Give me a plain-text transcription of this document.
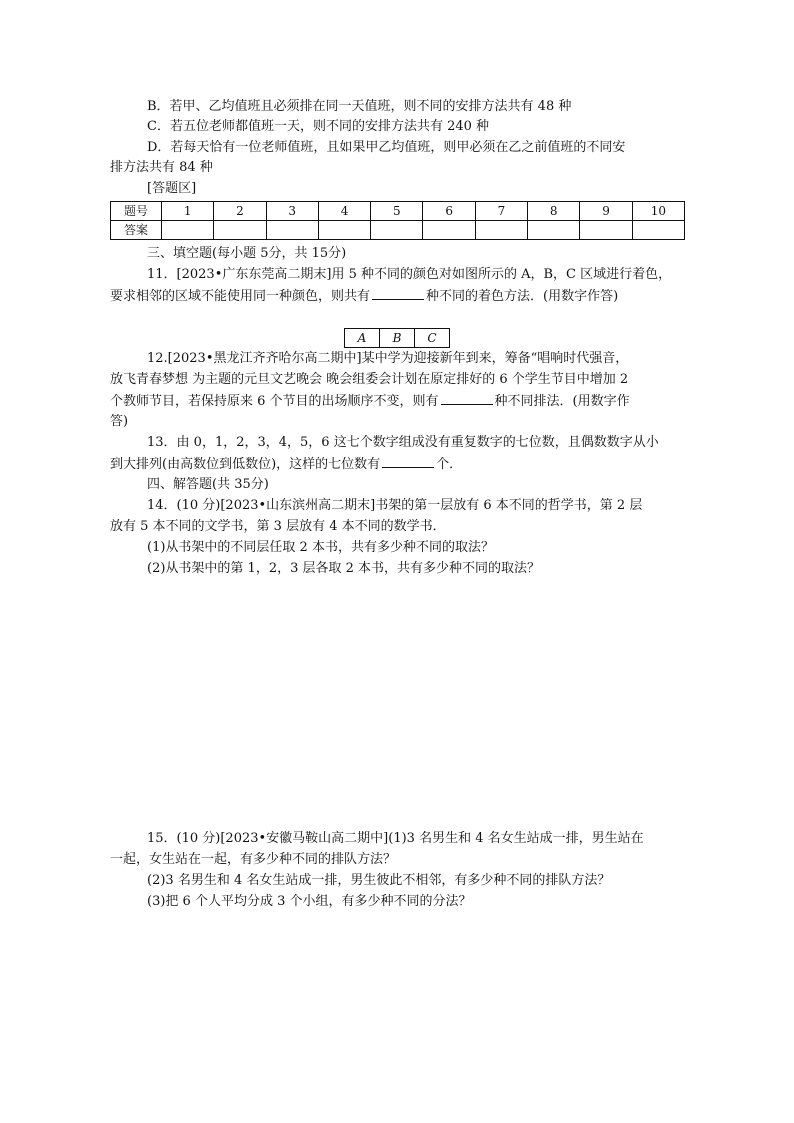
B．若甲、乙均值班且必须排在同一天值班，则不同的安排方法共有 48 种
C．若五位老师都值班一天，则不同的安排方法共有 240 种
D．若每天恰有一位老师值班，且如果甲乙均值班，则甲必须在乙之前值班的不同安
排方法共有 84 种
[答题区]
题号	1	2	3	4	5	6	7	8	9	10
答案										
三、填空题(每小题 5分，共 15分)
11．[2023•广东东莞高二期末]用 5 种不同的颜色对如图所示的 A，B，C 区域进行着色，
要求相邻的区域不能使用同一种颜色，则共有	种不同的着色方法．(用数字作答)
A	B	C
12.[2023•黑龙江齐齐哈尔高二期中]某中学为迎接新年到来，筹备“唱响时代强音，
放飞青春梦想 为主题的元旦文艺晚会 晚会组委会计划在原定排好的 6 个学生节目中增加 2
个教师节目，若保持原来 6 个节目的出场顺序不变，则有	种不同排法．(用数字作
答)
13．由 0，1，2，3，4，5，6 这七个数字组成没有重复数字的七位数，且偶数数字从小
到大排列(由高数位到低数位)，这样的七位数有	个．
四、解答题(共 35分)
14．(10 分)[2023•山东滨州高二期末]书架的第一层放有 6 本不同的哲学书，第 2 层
放有 5 本不同的文学书，第 3 层放有 4 本不同的数学书．
(1)从书架中的不同层任取 2 本书，共有多少种不同的取法？
(2)从书架中的第 1，2，3 层各取 2 本书，共有多少种不同的取法？
15．(10 分)[2023•安徽马鞍山高二期中](1)3 名男生和 4 名女生站成一排，男生站在
一起，女生站在一起，有多少种不同的排队方法？
(2)3 名男生和 4 名女生站成一排，男生彼此不相邻，有多少种不同的排队方法？
(3)把 6 个人平均分成 3 个小组，有多少种不同的分法？
